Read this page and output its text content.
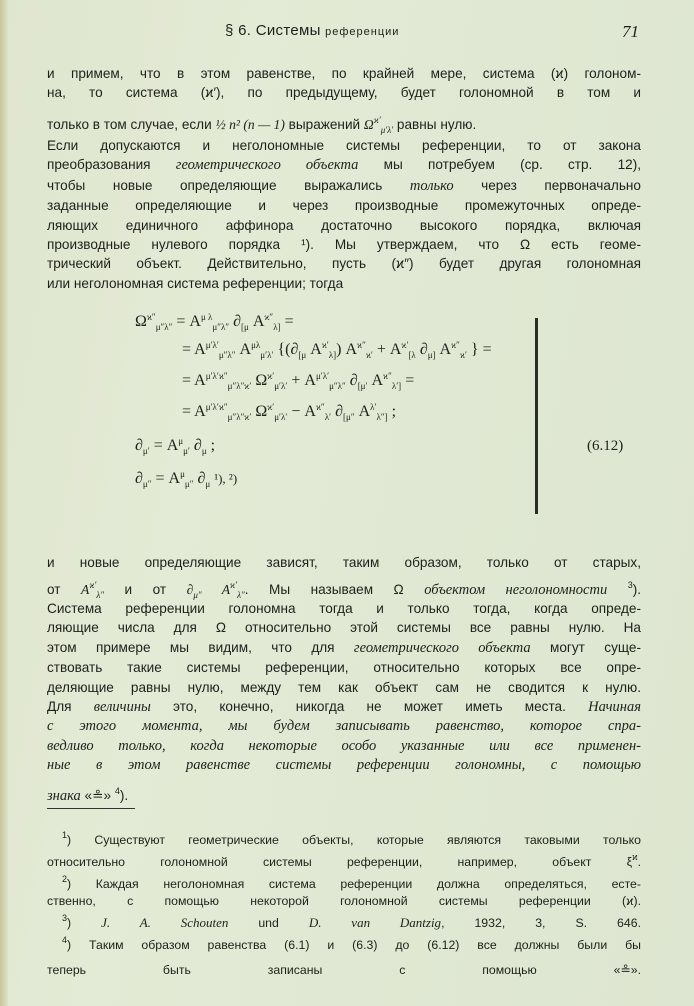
§ 6. Системы референции	71
и примем, что в этом равенстве, по крайней мере, система (ϰ) голоном-
на, то система (ϰ′), по предыдущему, будет голономной в том и
только в том случае, если ½ n² (n — 1) выражений $\Omega^{ϰ'}_{\mu'\lambda'}$ равны нулю.
Если допускаются и неголономные системы референции, то от закона
преобразования геометрического объекта мы потребуем (ср. стр. 12),
чтобы новые определяющие выражались только через первоначально
заданные определяющие и через производные промежуточных опреде-
ляющих единичного аффинора достаточно высокого порядка, включая
производные нулевого порядка ¹). Мы утверждаем, что Ω есть геоме-
трический объект. Действительно, пусть (ϰ″) будет другая голономная
или неголономная система референции; тогда
$\Omega^{ϰ''}_{\mu''\lambda''} = A^{\mu \lambda}_{\mu''\lambda''}$ $\partial_{[\mu}$ $A^{ϰ''}_{\lambda]}$ =
= $A^{\mu'\lambda'}_{\mu''\lambda''}$ $A^{\mu\lambda}_{\mu'\lambda'}$ {($\partial_{[\mu}$ $A^{ϰ'}_{\lambda]}$) $A^{ϰ''}_{ϰ'} + A^{ϰ'}_{[\lambda}$ $\partial_{\mu]}$ $A^{ϰ''}_{ϰ'}$ } =
= $A^{\mu'\lambda'ϰ''}_{\mu''\lambda''ϰ'}$ $\Omega^{ϰ'}_{\mu'\lambda'} + A^{\mu'\lambda'}_{\mu''\lambda''}$ $\partial_{[\mu'}$ $A^{ϰ''}_{\lambda']}$ =
= $A^{\mu'\lambda'ϰ''}_{\mu''\lambda''ϰ'}$ $\Omega^{ϰ'}_{\mu'\lambda'} - A^{ϰ''}_{\lambda'}$ $\partial_{[\mu''}$ $A^{\lambda'}_{\lambda'']}$ ;
$\partial_{\mu'} = A^\mu_{\mu'}$ $\partial_\mu$ ;
$\partial_{\mu''} = A^\mu_{\mu''}$ $\partial_\mu$ ¹), ²)
(6.12)
и новые определяющие зависят, таким образом, только от старых,
от $A^{ϰ'}_{\lambda''}$ и от $\partial_{\mu''}$ $A^{ϰ'}_{\lambda''}$. Мы называем Ω объектом неголономности $^3$).
Система референции голономна тогда и только тогда, когда опреде-
ляющие числа для Ω относительно этой системы все равны нулю. На
этом примере мы видим, что для геометрического объекта могут суще-
ствовать такие системы референции, относительно которых все опре-
деляющие равны нулю, между тем как объект сам не сводится к нулю.
Для величины это, конечно, никогда не может иметь места. Начиная
с этого момента, мы будем записывать равенство, которое спра-
ведливо только, когда некоторые особо указанные или все применен-
ные в этом равенстве системы референции голономны, с помощью
знака «≗» $^4$).
$^1$) Существуют геометрические объекты, которые являются таковыми только
относительно голономной системы референции, например, объект $\xi^ϰ$.
$^2$) Каждая неголономная система референции должна определяться, есте-
ственно, с помощью некоторой голономной системы референции (ϰ).
$^3$) J. A. Schouten und D. van Dantzig, 1932, 3, S. 646.
$^4$) Таким образом равенства (6.1) и (6.3) до (6.12) все должны были бы
теперь быть записаны с помощью «≗».
